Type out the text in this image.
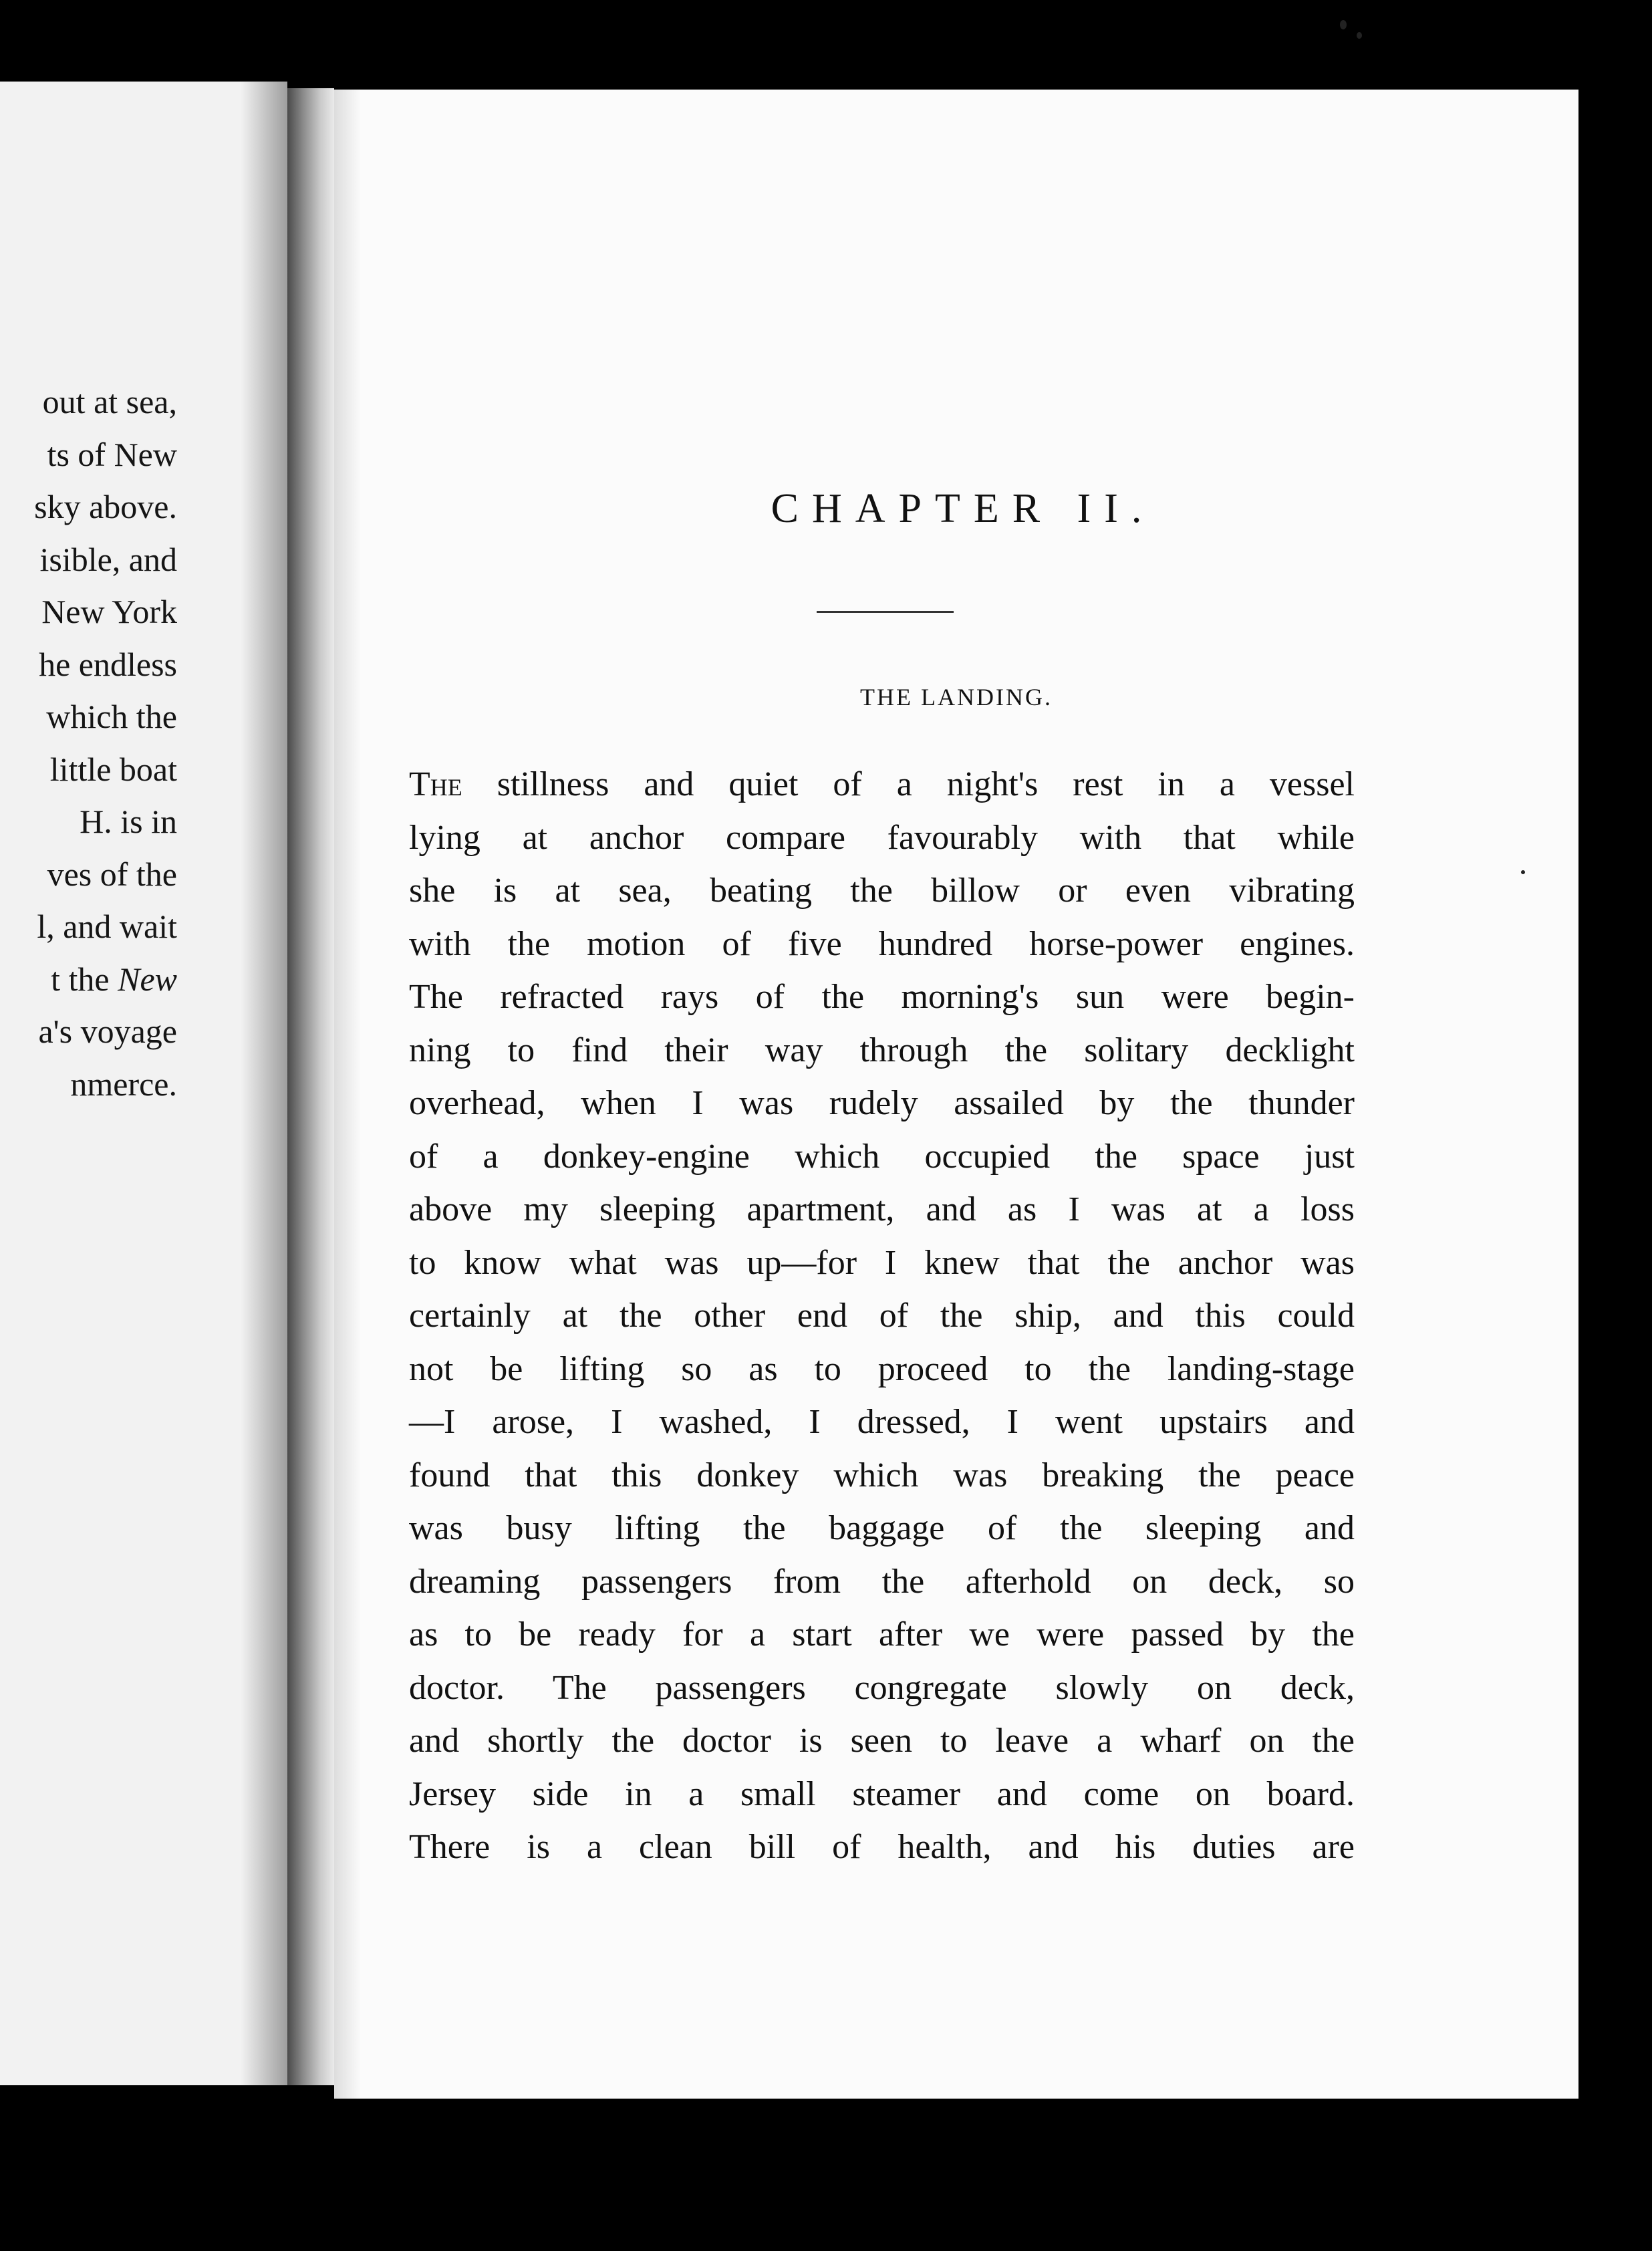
out at sea,
ts of New
sky above.
isible, and
New York
he endless
which the
little boat
H. is in
ves of the
l, and wait
t the New
a's voyage
nmerce.
CHAPTER II.
THE LANDING.
The stillness and quiet of a night's rest in a vessel
lying at anchor compare favourably with that while
she is at sea, beating the billow or even vibrating
with the motion of five hundred horse-power engines.
The refracted rays of the morning's sun were begin-
ning to find their way through the solitary decklight
overhead, when I was rudely assailed by the thunder
of a donkey-engine which occupied the space just
above my sleeping apartment, and as I was at a loss
to know what was up—for I knew that the anchor was
certainly at the other end of the ship, and this could
not be lifting so as to proceed to the landing-stage
—I arose, I washed, I dressed, I went upstairs and
found that this donkey which was breaking the peace
was busy lifting the baggage of the sleeping and
dreaming passengers from the afterhold on deck, so
as to be ready for a start after we were passed by the
doctor. The passengers congregate slowly on deck,
and shortly the doctor is seen to leave a wharf on the
Jersey side in a small steamer and come on board.
There is a clean bill of health, and his duties are
